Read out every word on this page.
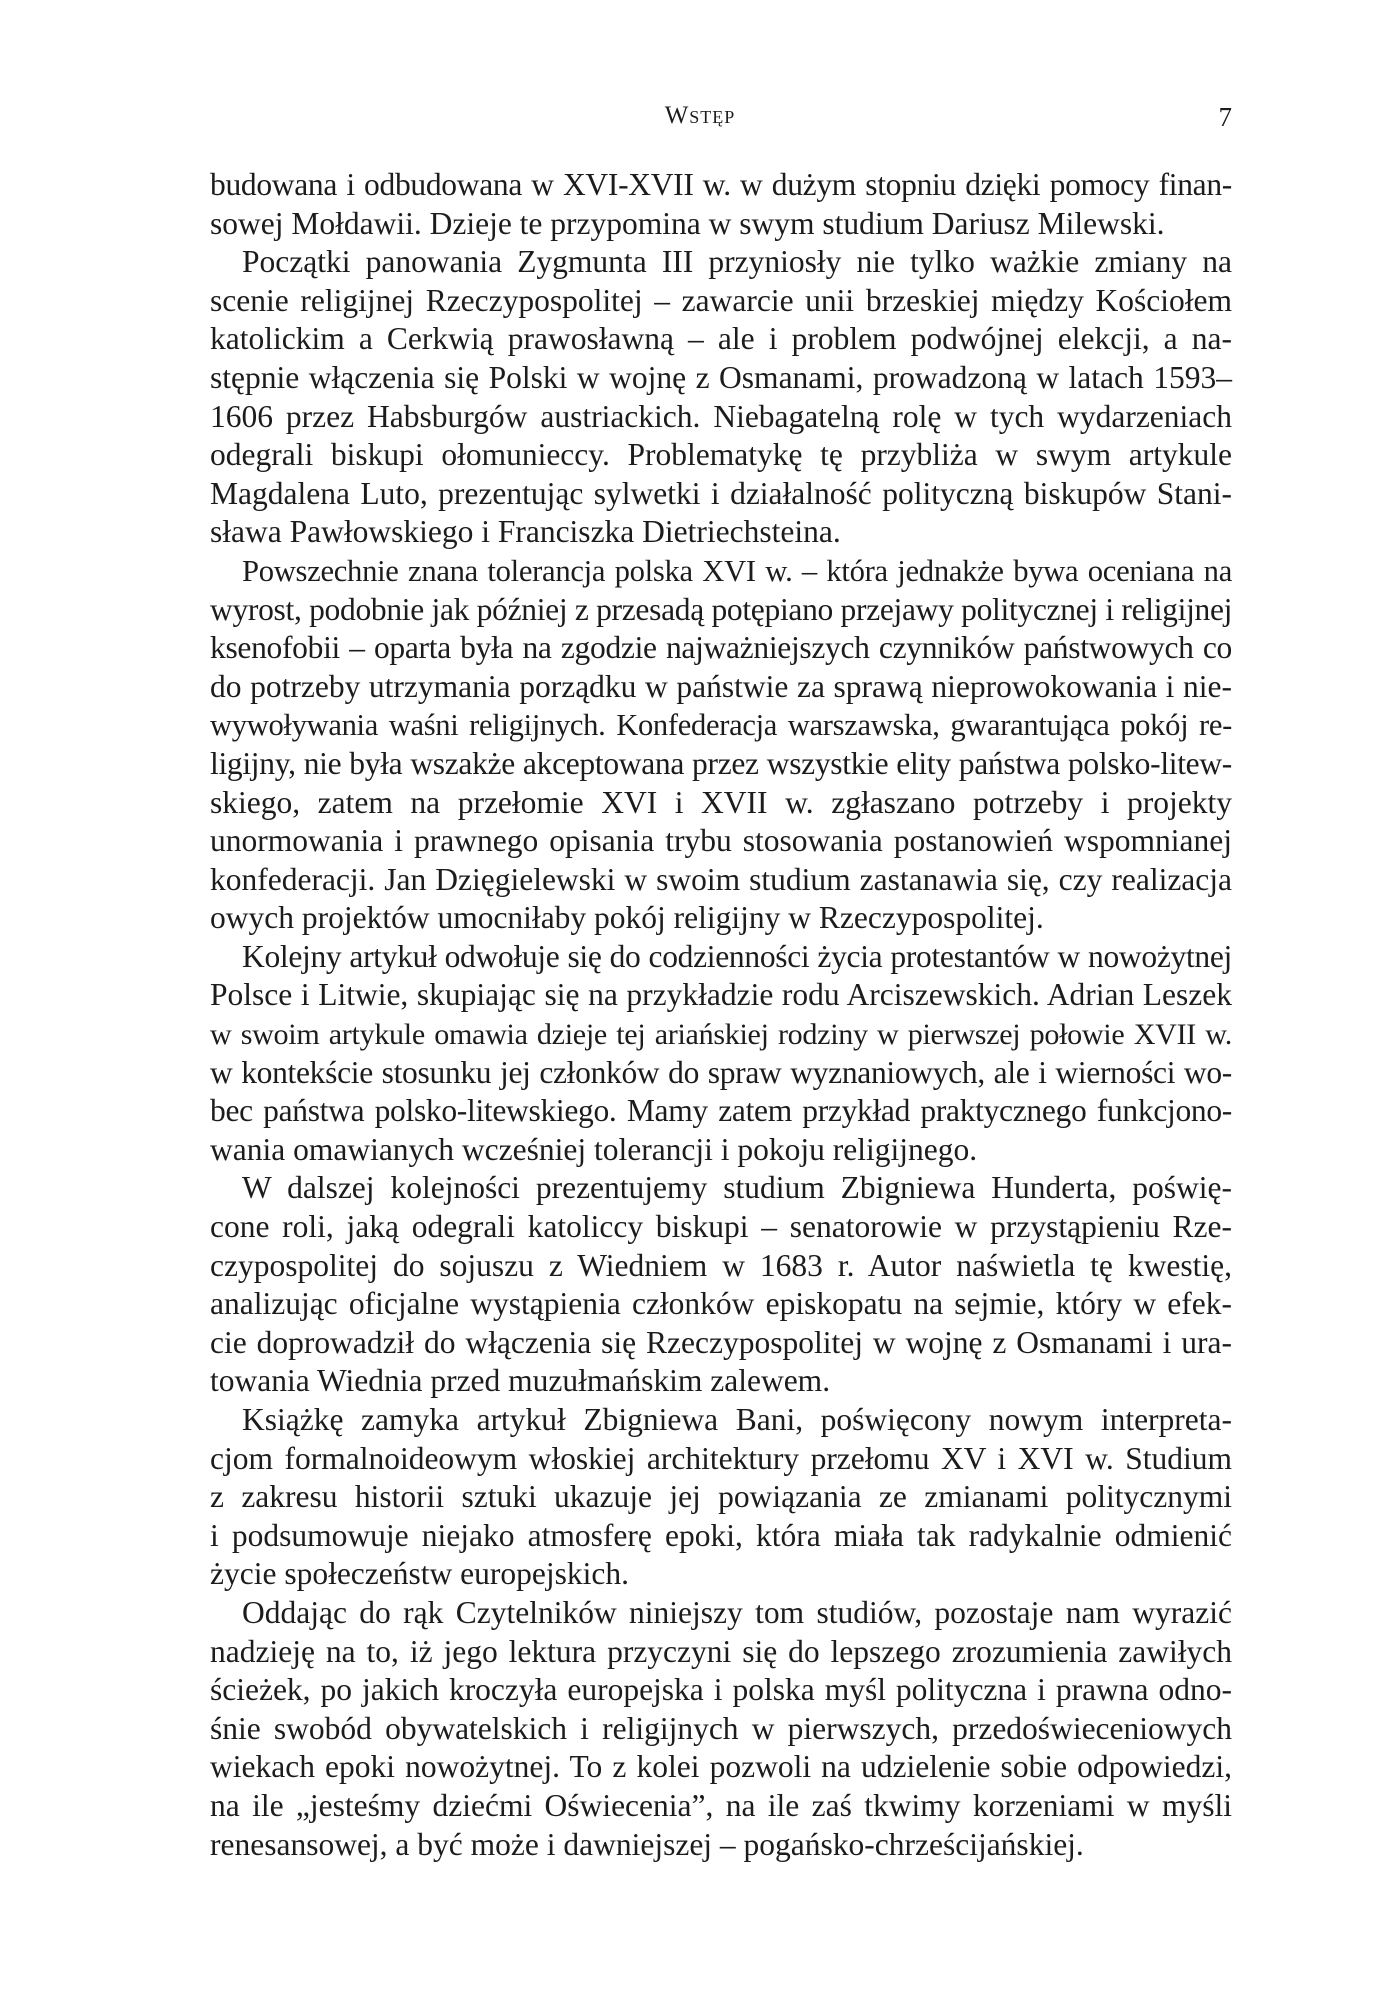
Wstęp	7

budowana i odbudowana w XVI-XVII w. w dużym stopniu dzięki pomocy finan-
sowej Mołdawii. Dzieje te przypomina w swym studium Dariusz Milewski.

Początki panowania Zygmunta III przyniosły nie tylko ważkie zmiany na
scenie religijnej Rzeczypospolitej – zawarcie unii brzeskiej między Kościołem
katolickim a Cerkwią prawosławną – ale i problem podwójnej elekcji, a na-
stępnie włączenia się Polski w wojnę z Osmanami, prowadzoną w latach 1593–
1606 przez Habsburgów austriackich. Niebagatelną rolę w tych wydarzeniach
odegrali biskupi ołomunieccy. Problematykę tę przybliża w swym artykule
Magdalena Luto, prezentując sylwetki i działalność polityczną biskupów Stani-
sława Pawłowskiego i Franciszka Dietriechsteina.

Powszechnie znana tolerancja polska XVI w. – która jednakże bywa oceniana na
wyrost, podobnie jak później z przesadą potępiano przejawy politycznej i religijnej
ksenofobii – oparta była na zgodzie najważniejszych czynników państwowych co
do potrzeby utrzymania porządku w państwie za sprawą nieprowokowania i nie-
wywoływania waśni religijnych. Konfederacja warszawska, gwarantująca pokój re-
ligijny, nie była wszakże akceptowana przez wszystkie elity państwa polsko-litew-
skiego, zatem na przełomie XVI i XVII w. zgłaszano potrzeby i projekty
unormowania i prawnego opisania trybu stosowania postanowień wspomnianej
konfederacji. Jan Dzięgielewski w swoim studium zastanawia się, czy realizacja
owych projektów umocniłaby pokój religijny w Rzeczypospolitej.

Kolejny artykuł odwołuje się do codzienności życia protestantów w nowożytnej
Polsce i Litwie, skupiając się na przykładzie rodu Arciszewskich. Adrian Leszek
w swoim artykule omawia dzieje tej ariańskiej rodziny w pierwszej połowie XVII w.
w kontekście stosunku jej członków do spraw wyznaniowych, ale i wierności wo-
bec państwa polsko-litewskiego. Mamy zatem przykład praktycznego funkcjono-
wania omawianych wcześniej tolerancji i pokoju religijnego.

W dalszej kolejności prezentujemy studium Zbigniewa Hunderta, poświę-
cone roli, jaką odegrali katoliccy biskupi – senatorowie w przystąpieniu Rze-
czypospolitej do sojuszu z Wiedniem w 1683 r. Autor naświetla tę kwestię,
analizując oficjalne wystąpienia członków episkopatu na sejmie, który w efek-
cie doprowadził do włączenia się Rzeczypospolitej w wojnę z Osmanami i ura-
towania Wiednia przed muzułmańskim zalewem.

Książkę zamyka artykuł Zbigniewa Bani, poświęcony nowym interpreta-
cjom formalnoideowym włoskiej architektury przełomu XV i XVI w. Studium
z zakresu historii sztuki ukazuje jej powiązania ze zmianami politycznymi
i podsumowuje niejako atmosferę epoki, która miała tak radykalnie odmienić
życie społeczeństw europejskich.

Oddając do rąk Czytelników niniejszy tom studiów, pozostaje nam wyrazić
nadzieję na to, iż jego lektura przyczyni się do lepszego zrozumienia zawiłych
ścieżek, po jakich kroczyła europejska i polska myśl polityczna i prawna odno-
śnie swobód obywatelskich i religijnych w pierwszych, przedoświeceniowych
wiekach epoki nowożytnej. To z kolei pozwoli na udzielenie sobie odpowiedzi,
na ile „jesteśmy dziećmi Oświecenia”, na ile zaś tkwimy korzeniami w myśli
renesansowej, a być może i dawniejszej – pogańsko-chrześcijańskiej.
